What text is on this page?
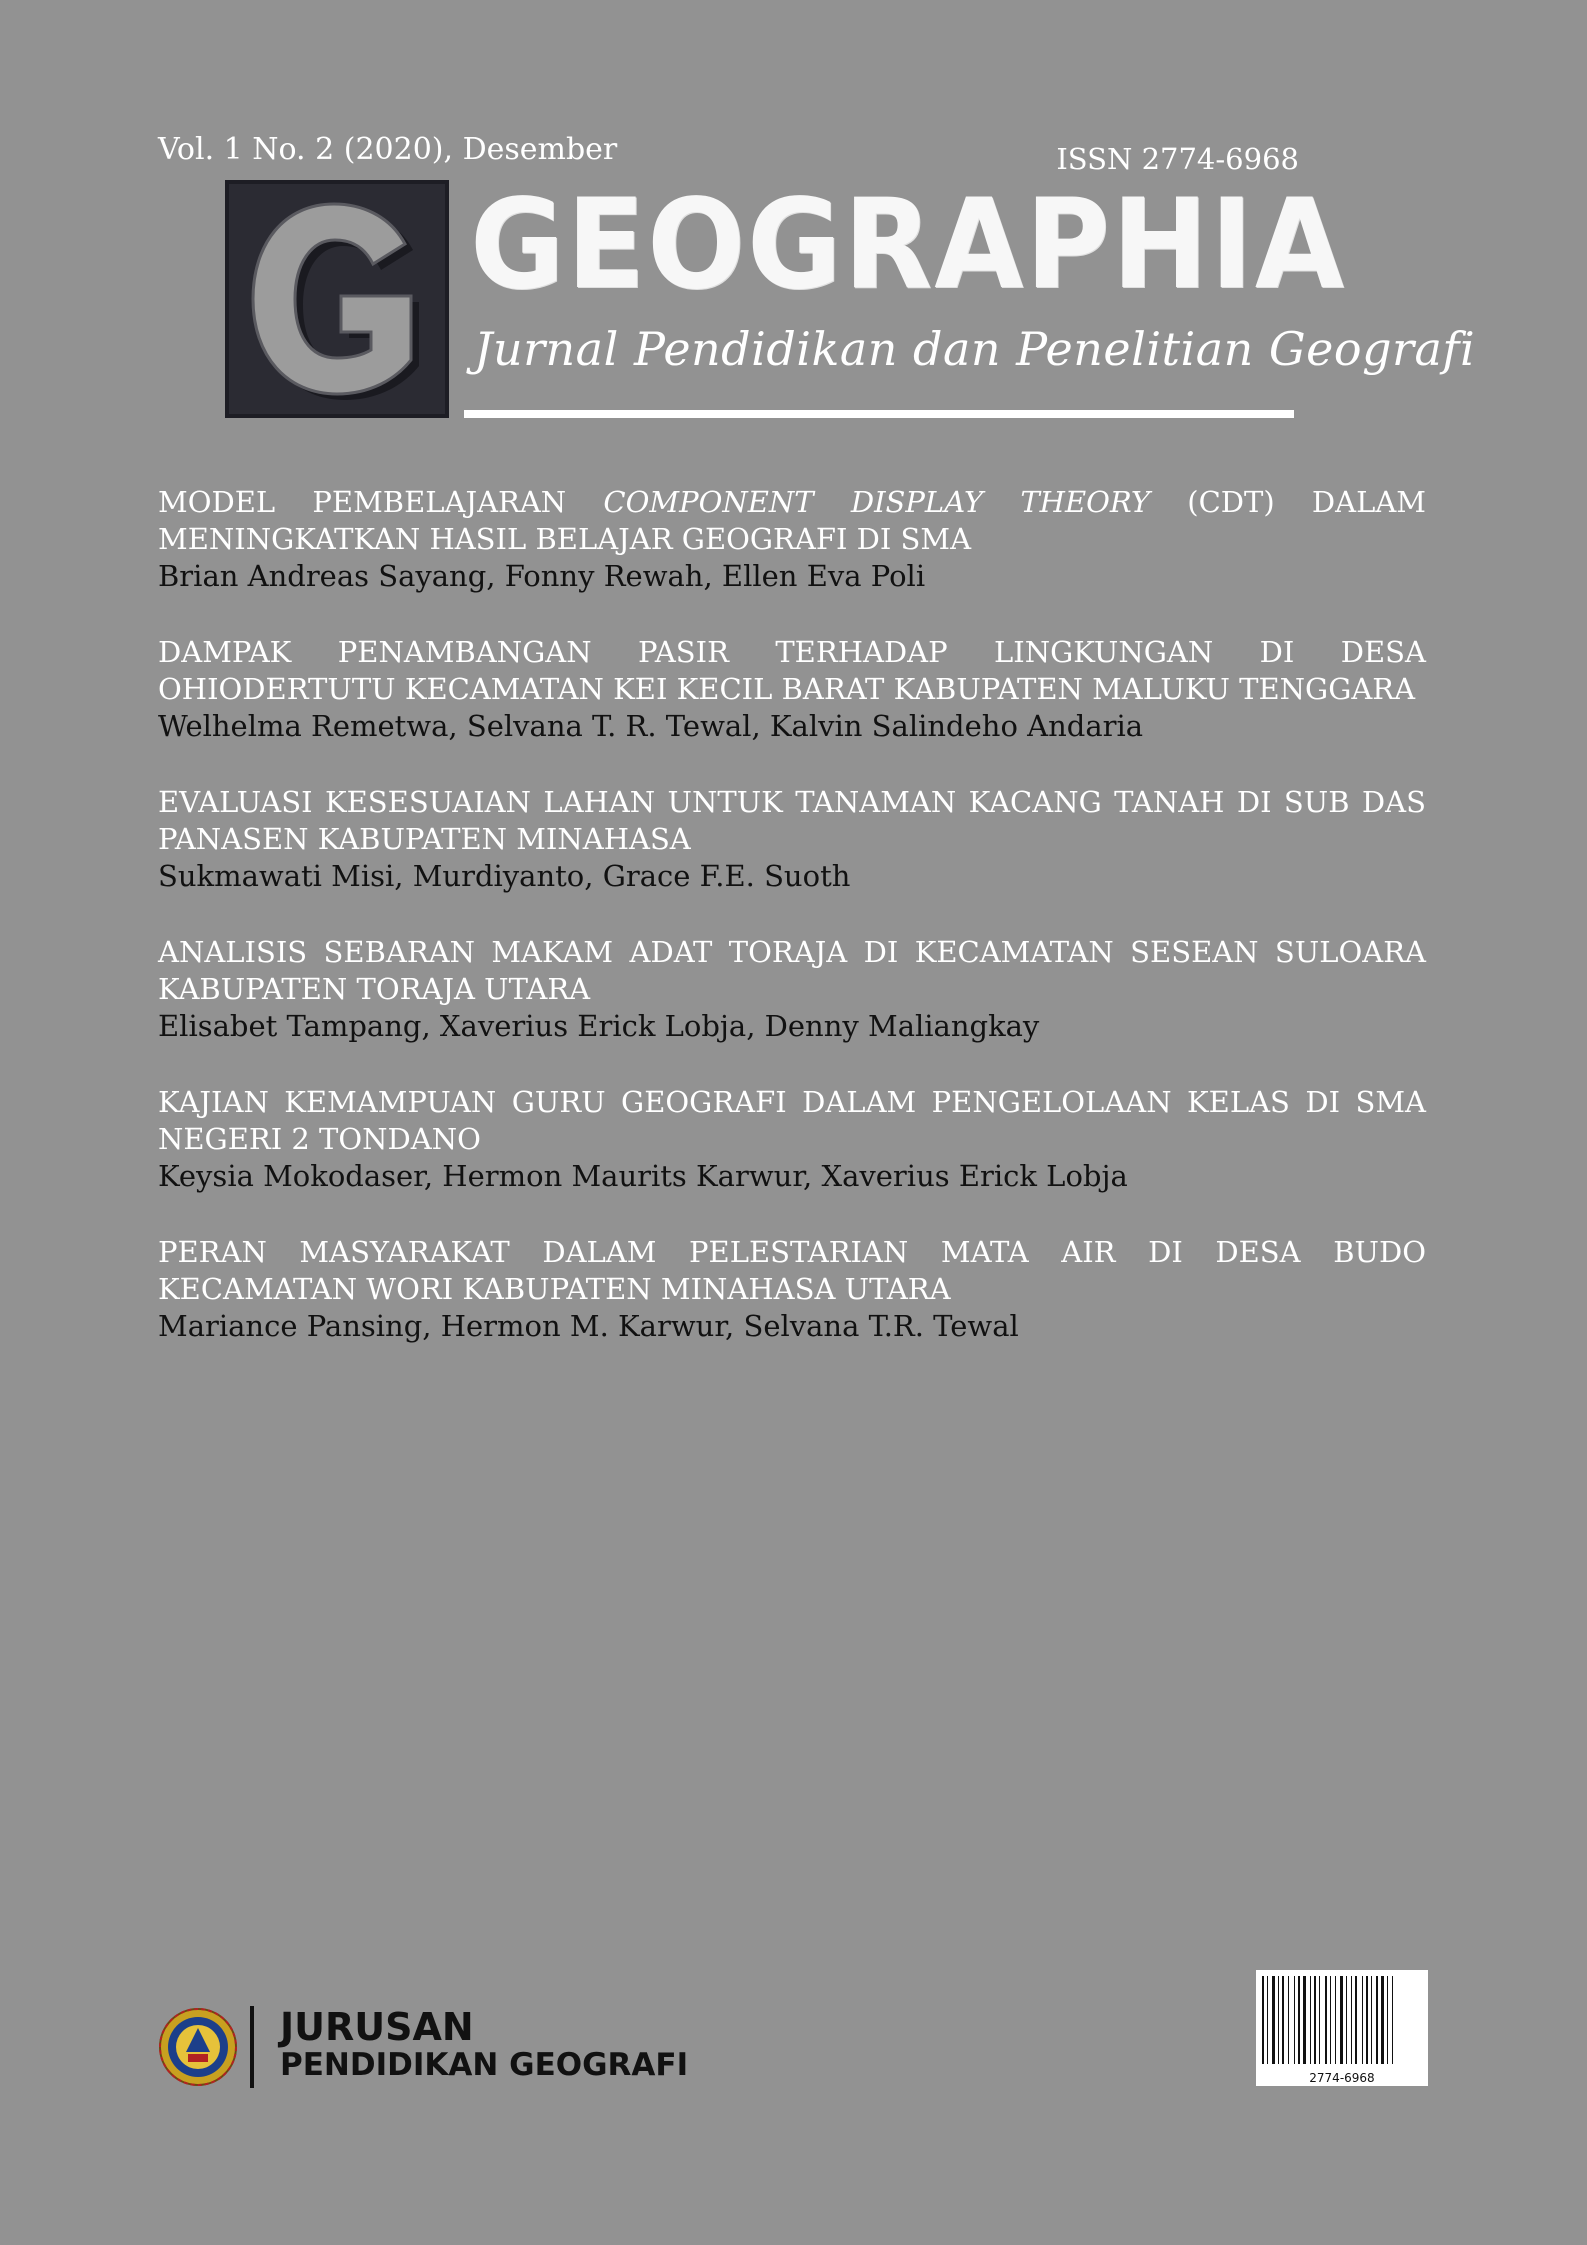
Vol. 1 No. 2 (2020), Desember	ISSN 2774-6968
GEOGRAPHIA
Jurnal Pendidikan dan Penelitian Geografi
MODEL PEMBELAJARAN COMPONENT DISPLAY THEORY (CDT) DALAM MENINGKATKAN HASIL BELAJAR GEOGRAFI DI SMA
Brian Andreas Sayang, Fonny Rewah, Ellen Eva Poli
DAMPAK PENAMBANGAN PASIR TERHADAP LINGKUNGAN DI DESA OHIODERTUTU KECAMATAN KEI KECIL BARAT KABUPATEN MALUKU TENGGARA
Welhelma Remetwa, Selvana T. R. Tewal, Kalvin Salindeho Andaria
EVALUASI KESESUAIAN LAHAN UNTUK TANAMAN KACANG TANAH DI SUB DAS PANASEN KABUPATEN MINAHASA
Sukmawati Misi, Murdiyanto, Grace F.E. Suoth
ANALISIS SEBARAN MAKAM ADAT TORAJA DI KECAMATAN SESEAN SULOARA KABUPATEN TORAJA UTARA
Elisabet Tampang, Xaverius Erick Lobja, Denny Maliangkay
KAJIAN KEMAMPUAN GURU GEOGRAFI DALAM PENGELOLAAN KELAS DI SMA NEGERI 2 TONDANO
Keysia Mokodaser, Hermon Maurits Karwur, Xaverius Erick Lobja
PERAN MASYARAKAT DALAM PELESTARIAN MATA AIR DI DESA BUDO KECAMATAN WORI KABUPATEN MINAHASA UTARA
Mariance Pansing, Hermon M. Karwur, Selvana T.R. Tewal
JURUSAN
PENDIDIKAN GEOGRAFI	2774-6968
